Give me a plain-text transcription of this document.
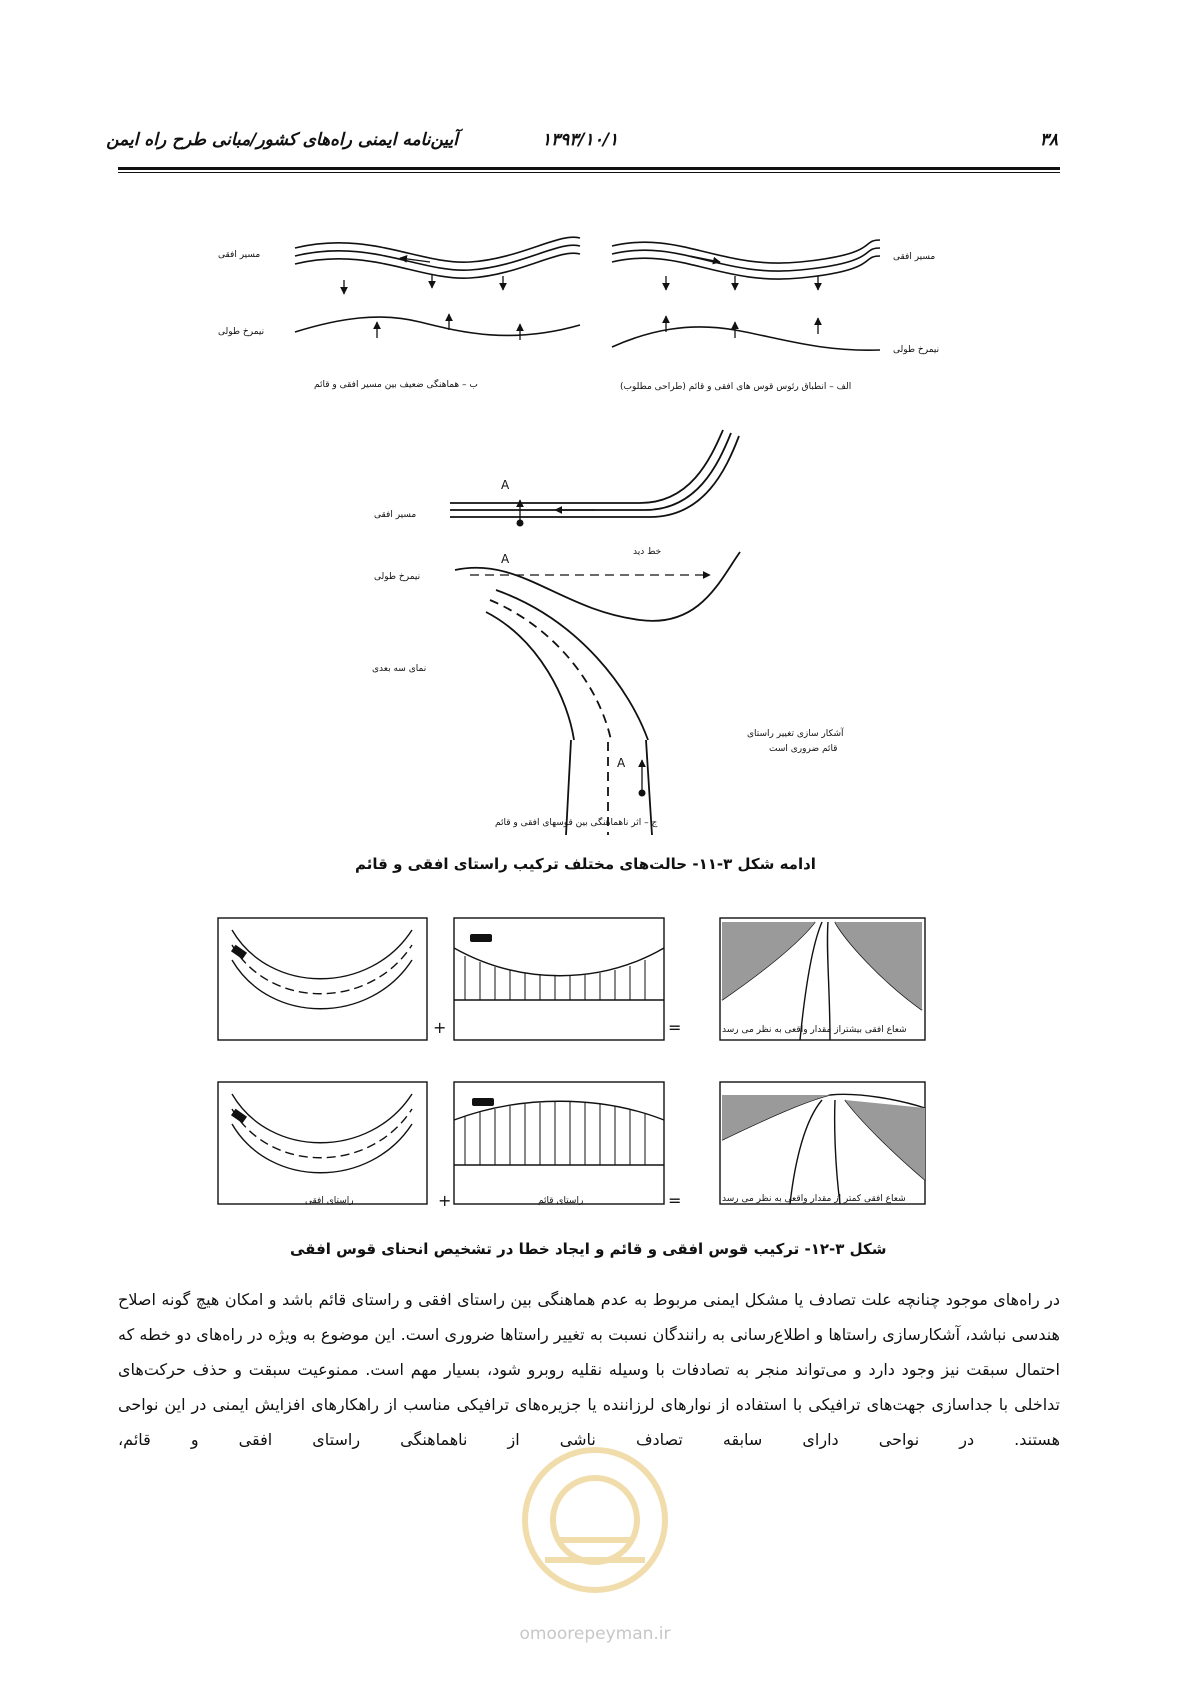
۳۸
۱۳۹۳/۱۰/۱
آیین‌نامه ایمنی راه‌های کشور/مبانی طرح راه ایمن
مسیر افقی
نیمرخ طولی
ب – هماهنگی ضعیف بین مسیر افقی و قائم
مسیر افقی
نیمرخ طولی
الف – انطباق رئوس قوس های افقی و قائم (طراحی مطلوب)
مسیر افقی
نیمرخ طولی
نمای سه بعدی
خط دید
A
A
A
آشکار سازی تغییر راستای
قائم ضروری است
ج – اثر ناهماهنگی بین قوسهای افقی و قائم
ادامه شکل ۳-۱۱- حالت‌های مختلف ترکیب راستای افقی و قائم
+	=	شعاع افقی بیشتراز مقدار واقعی به نظر می رسد
+	=	شعاع افقی کمتر از مقدار واقعی به نظر می رسد
راستای افقی	راستای قائم
شکل ۳-۱۲- ترکیب قوس افقی و قائم و ایجاد خطا در تشخیص انحنای قوس افقی
در راه‌های موجود چنانچه علت تصادف یا مشکل ایمنی مربوط به عدم هماهنگی بین راستای افقی و راستای قائم باشد و امکان هیچ گونه اصلاح هندسی نباشد، آشکارسازی راستاها و اطلاع‌رسانی به رانندگان نسبت به تغییر راستاها ضروری است. این موضوع به ویژه در راه‌های دو خطه که احتمال سبقت نیز وجود دارد و می‌تواند منجر به تصادفات با وسیله نقلیه روبرو شود، بسیار مهم است. ممنوعیت سبقت و حذف حرکت‌های تداخلی با جداسازی جهت‌های ترافیکی با استفاده از نوارهای لرزاننده یا جزیره‌های ترافیکی مناسب از راهکارهای افزایش ایمنی در این نواحی هستند. در نواحی دارای سابقه تصادف ناشی از ناهماهنگی راستای افقی و قائم،
omoorepeyman.ir
